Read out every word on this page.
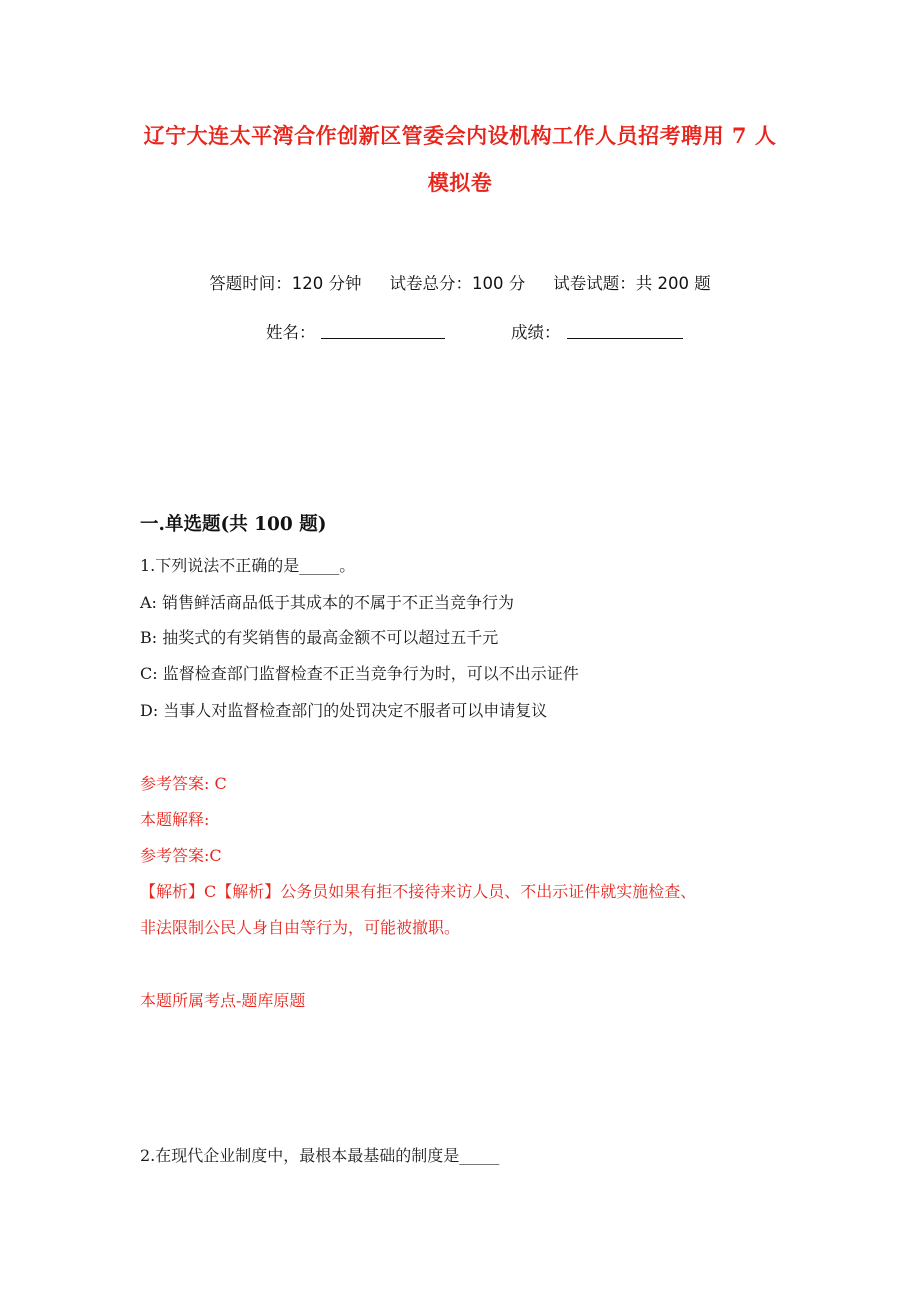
辽宁大连太平湾合作创新区管委会内设机构工作人员招考聘用 7 人
模拟卷
答题时间：120 分钟 试卷总分：100 分 试卷试题：共 200 题
姓名：	成绩：
一.单选题(共 100 题)
1.下列说法不正确的是_____。
A: 销售鲜活商品低于其成本的不属于不正当竞争行为
B: 抽奖式的有奖销售的最高金额不可以超过五千元
C: 监督检查部门监督检查不正当竞争行为时，可以不出示证件
D: 当事人对监督检查部门的处罚决定不服者可以申请复议
参考答案: C
本题解释:
参考答案:C
【解析】C【解析】公务员如果有拒不接待来访人员、不出示证件就实施检查、
非法限制公民人身自由等行为，可能被撤职。
本题所属考点-题库原题
2.在现代企业制度中，最根本最基础的制度是_____
